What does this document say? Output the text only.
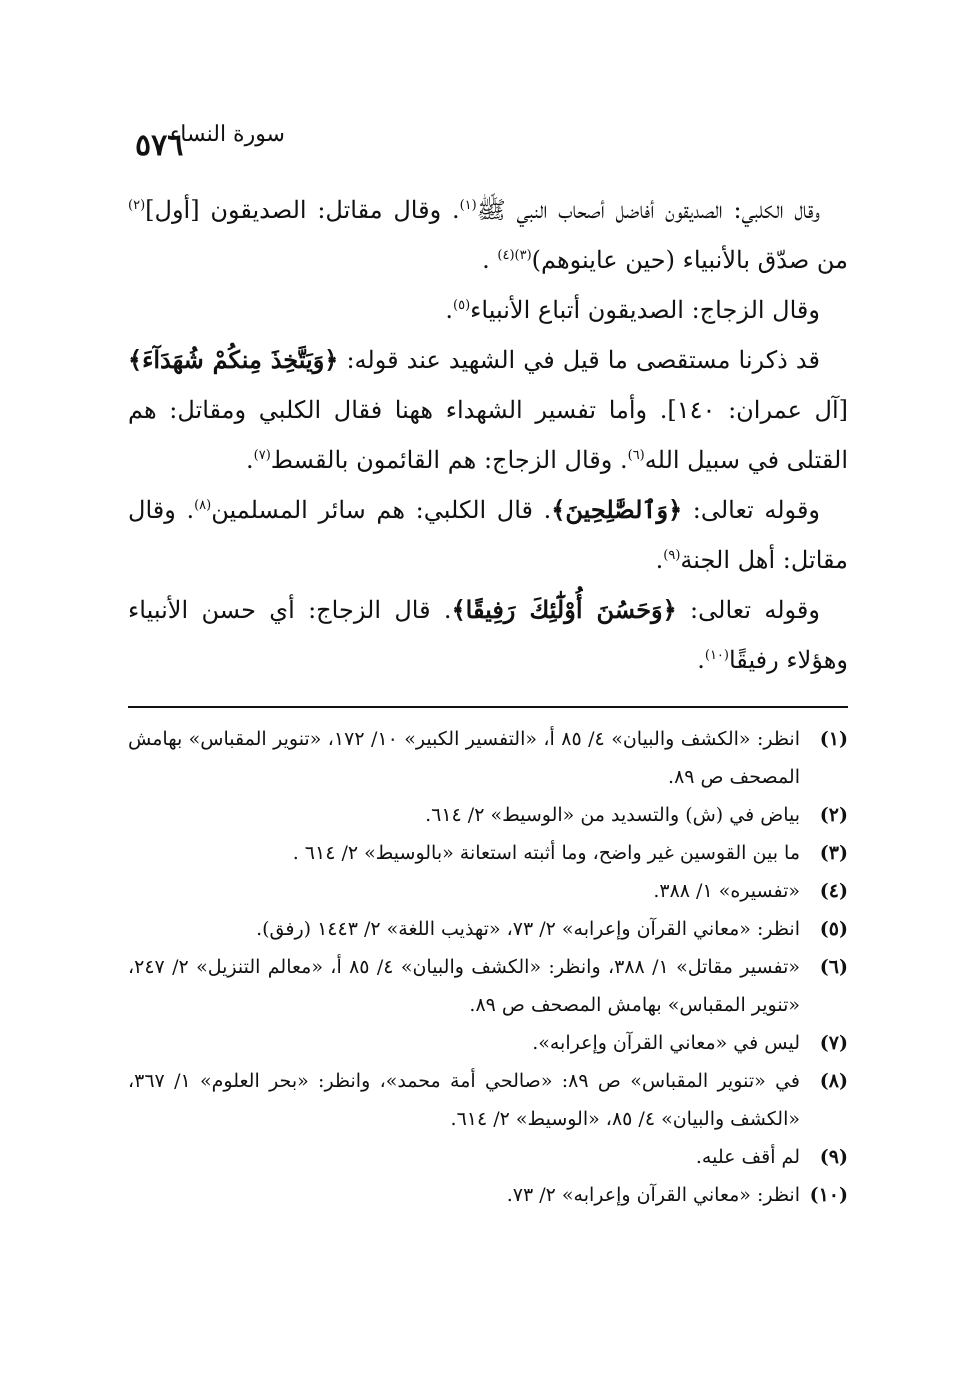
٥٧٦
سورة النساء

وقال الكلبي: الصديقون أفاضل أصحاب النبي ﷺ$^{(١)}$. وقال مقاتل: الصديقون [أول]$^{(٢)}$ من صدّق بالأنبياء (حين عاينوهم)$^{(٣)(٤)}$ .

وقال الزجاج: الصديقون أتباع الأنبياء$^{(٥)}$.

قد ذكرنا مستقصى ما قيل في الشهيد عند قوله: ﴿وَيَتَّخِذَ مِنكُمْ شُهَدَآءَ﴾ [آل عمران: ١٤٠]. وأما تفسير الشهداء ههنا فقال الكلبي ومقاتل: هم القتلى في سبيل الله$^{(٦)}$. وقال الزجاج: هم القائمون بالقسط$^{(٧)}$.

وقوله تعالى: ﴿وَٱلصَّٰلِحِينَ﴾. قال الكلبي: هم سائر المسلمين$^{(٨)}$. وقال مقاتل: أهل الجنة$^{(٩)}$.

وقوله تعالى: ﴿وَحَسُنَ أُوْلَٰٓئِكَ رَفِيقًا﴾. قال الزجاج: أي حسن الأنبياء وهؤلاء رفيقًا$^{(١٠)}$.

(١)
انظر: «الكشف والبيان» ٤/ ٨٥ أ، «التفسير الكبير» ١٠/ ١٧٢، «تنوير المقباس» بهامش المصحف ص ٨٩.
(٢)
بياض في (ش) والتسديد من «الوسيط» ٢/ ٦١٤.
(٣)
ما بين القوسين غير واضح، وما أثبته استعانة «بالوسيط» ٢/ ٦١٤ .
(٤)
«تفسيره» ١/ ٣٨٨.
(٥)
انظر: «معاني القرآن وإعرابه» ٢/ ٧٣، «تهذيب اللغة» ٢/ ١٤٤٣ (رفق).
(٦)
«تفسير مقاتل» ١/ ٣٨٨، وانظر: «الكشف والبيان» ٤/ ٨٥ أ، «معالم التنزيل» ٢/ ٢٤٧، «تنوير المقباس» بهامش المصحف ص ٨٩.
(٧)
ليس في «معاني القرآن وإعرابه».
(٨)
في «تنوير المقباس» ص ٨٩: «صالحي أمة محمد»، وانظر: «بحر العلوم» ١/ ٣٦٧، «الكشف والبيان» ٤/ ٨٥، «الوسيط» ٢/ ٦١٤.
(٩)
لم أقف عليه.
(١٠)
انظر: «معاني القرآن وإعرابه» ٢/ ٧٣.
